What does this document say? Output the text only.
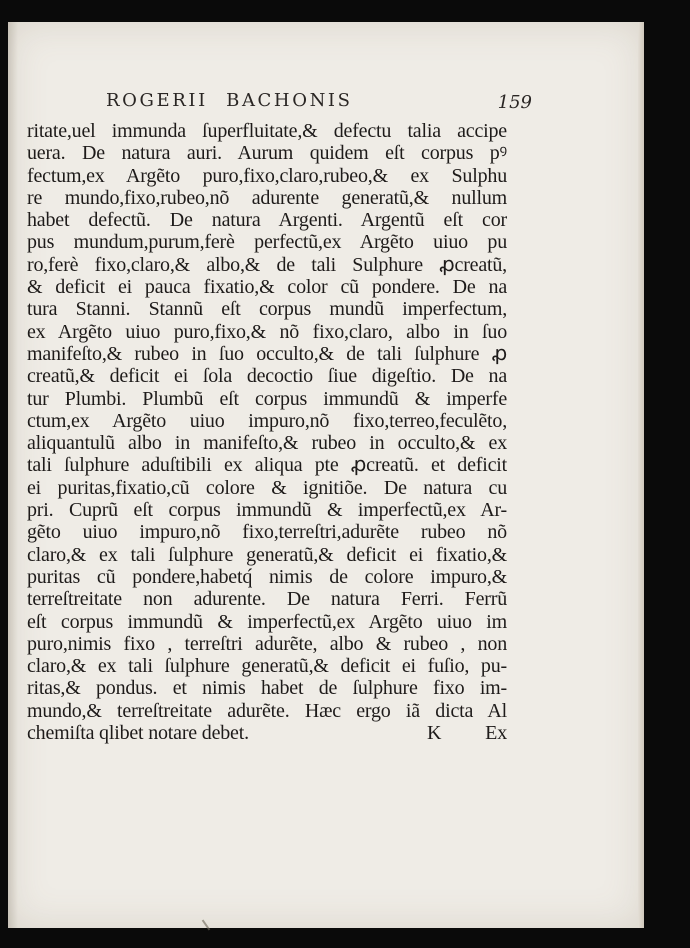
ROGERII BACHONIS	159
ritate,uel immunda ſuperfluitate,& defectu talia accipe
uera. De natura auri. Aurum quidem eſt corpus pꝰ
fectum,ex Argẽto puro,fixo,claro,rubeo,& ex Sulphu
re mundo,fixo,rubeo,nõ adurente generatũ,& nullum
habet defectũ. De natura Argenti. Argentũ eſt cor
pus mundum,purum,ferè perfectũ,ex Argẽto uiuo pu
ro,ferè fixo,claro,& albo,& de tali Sulphure ꝓcreatũ,
& deficit ei pauca fixatio,& color cũ pondere. De na
tura Stanni. Stannũ eſt corpus mundũ imperfectum,
ex Argẽto uiuo puro,fixo,& nõ fixo,claro, albo in ſuo
manifeſto,& rubeo in ſuo occulto,& de tali ſulphure ꝓ
creatũ,& deficit ei ſola decoctio ſiue digeſtio. De na
tur Plumbi. Plumbũ eſt corpus immundũ & imperfe
ctum,ex Argẽto uiuo impuro,nõ fixo,terreo,feculẽto,
aliquantulũ albo in manifeſto,& rubeo in occulto,& ex
tali ſulphure aduſtibili ex aliqua pte ꝓcreatũ. et deficit
ei puritas,fixatio,cũ colore & ignitiõe. De natura cu
pri. Cuprũ eſt corpus immundũ & imperfectũ,ex Ar-
gẽto uiuo impuro,nõ fixo,terreſtri,adurẽte rubeo nõ
claro,& ex tali ſulphure generatũ,& deficit ei fixatio,&
puritas cũ pondere,habetq́ nimis de colore impuro,&
terreſtreitate non adurente. De natura Ferri. Ferrũ
eſt corpus immundũ & imperfectũ,ex Argẽto uiuo im
puro,nimis fixo , terreſtri adurẽte, albo & rubeo , non
claro,& ex tali ſulphure generatũ,& deficit ei fuſio, pu-
ritas,& pondus. et nimis habet de ſulphure fixo im-
mundo,& terreſtreitate adurẽte. Hæc ergo iã dicta Al
chemiſta qlibet notare debet.	K Ex
